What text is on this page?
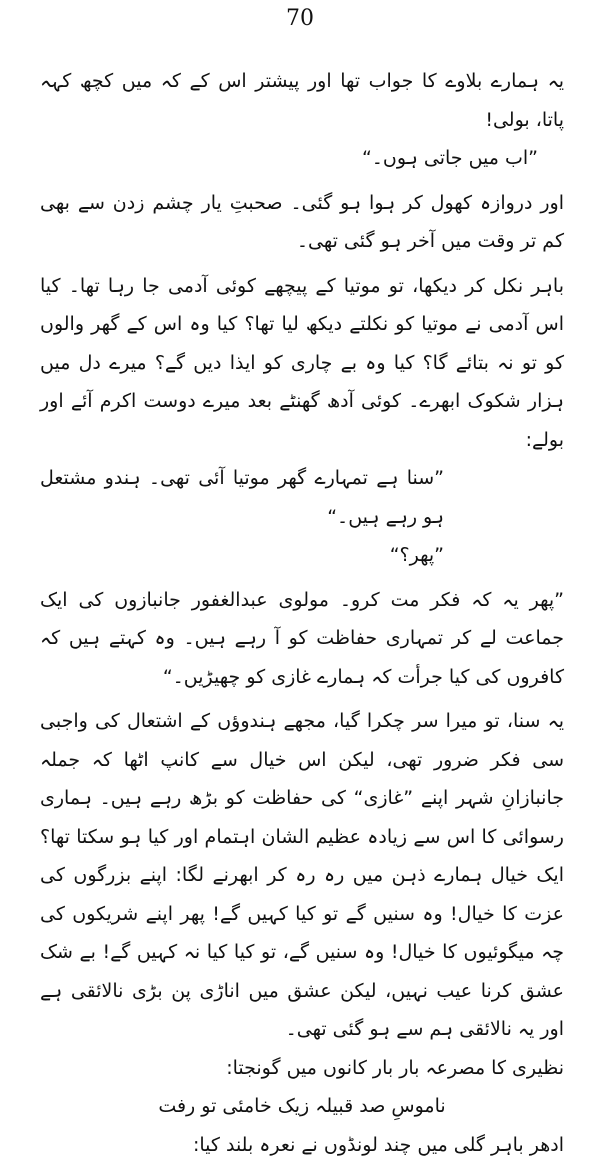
70

یہ ہمارے بلاوے کا جواب تھا اور پیشتر اس کے کہ میں کچھ کہہ پاتا، بولی!

”اب میں جاتی ہوں۔“

اور دروازہ کھول کر ہوا ہو گئی۔ صحبتِ یار چشم زدن سے بھی کم تر وقت میں آخر ہو گئی تھی۔

باہر نکل کر دیکھا، تو موتیا کے پیچھے کوئی آدمی جا رہا تھا۔ کیا اس آدمی نے موتیا کو نکلتے دیکھ لیا تھا؟ کیا وہ اس کے گھر والوں کو تو نہ بتائے گا؟ کیا وہ بے چاری کو ایذا دیں گے؟ میرے دل میں ہزار شکوک ابھرے۔ کوئی آدھ گھنٹے بعد میرے دوست اکرم آئے اور بولے:

”سنا ہے تمہارے گھر موتیا آئی تھی۔ ہندو مشتعل ہو رہے ہیں۔“

”پھر؟“

”پھر یہ کہ فکر مت کرو۔ مولوی عبدالغفور جانبازوں کی ایک جماعت لے کر تمہاری حفاظت کو آ رہے ہیں۔ وہ کہتے ہیں کہ کافروں کی کیا جرأت کہ ہمارے غازی کو چھیڑیں۔“

یہ سنا، تو میرا سر چکرا گیا، مجھے ہندوؤں کے اشتعال کی واجبی سی فکر ضرور تھی، لیکن اس خیال سے کانپ اٹھا کہ جملہ جانبازانِ شہر اپنے ”غازی“ کی حفاظت کو بڑھ رہے ہیں۔ ہماری رسوائی کا اس سے زیادہ عظیم الشان اہتمام اور کیا ہو سکتا تھا؟ ایک خیال ہمارے ذہن میں رہ رہ کر ابھرنے لگا: اپنے بزرگوں کی عزت کا خیال! وہ سنیں گے تو کیا کہیں گے! پھر اپنے شریکوں کی چہ میگوئیوں کا خیال! وہ سنیں گے، تو کیا کیا نہ کہیں گے! بے شک عشق کرنا عیب نہیں، لیکن عشق میں اناڑی پن بڑی نالائقی ہے اور یہ نالائقی ہم سے ہو گئی تھی۔

نظیری کا مصرعہ بار بار کانوں میں گونجتا:

ناموسِ صد قبیلہ زیک خامئی تو رفت

ادھر باہر گلی میں چند لونڈوں نے نعرہ بلند کیا:
